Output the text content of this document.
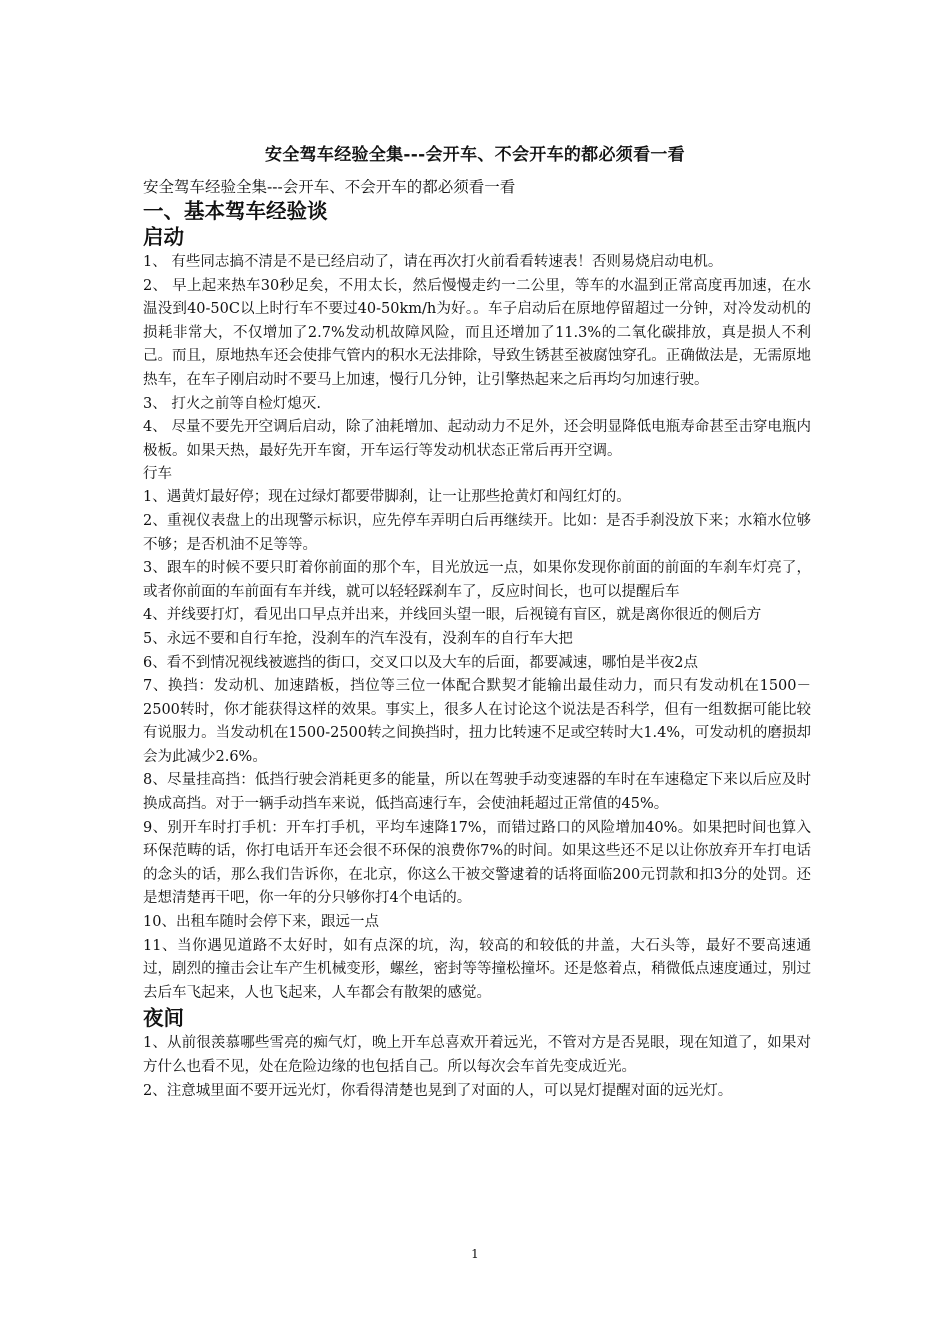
安全驾车经验全集---会开车、不会开车的都必须看一看
安全驾车经验全集---会开车、不会开车的都必须看一看
一、基本驾车经验谈
启动
1、 有些同志搞不清是不是已经启动了，请在再次打火前看看转速表！否则易烧启动电机。
2、 早上起来热车30秒足矣，不用太长，然后慢慢走约一二公里，等车的水温到正常高度再加速，在水温没到40-50C以上时行车不要过40-50km/h为好。。车子启动后在原地停留超过一分钟，对冷发动机的损耗非常大，不仅增加了2.7%发动机故障风险，而且还增加了11.3%的二氧化碳排放，真是损人不利己。而且，原地热车还会使排气管内的积水无法排除，导致生锈甚至被腐蚀穿孔。正确做法是，无需原地热车，在车子刚启动时不要马上加速，慢行几分钟，让引擎热起来之后再均匀加速行驶。
3、 打火之前等自检灯熄灭.
4、 尽量不要先开空调后启动，除了油耗增加、起动动力不足外，还会明显降低电瓶寿命甚至击穿电瓶内极板。如果天热，最好先开车窗，开车运行等发动机状态正常后再开空调。
行车
1、遇黄灯最好停；现在过绿灯都要带脚刹，让一让那些抢黄灯和闯红灯的。
2、重视仪表盘上的出现警示标识，应先停车弄明白后再继续开。比如：是否手刹没放下来；水箱水位够不够；是否机油不足等等。
3、跟车的时候不要只盯着你前面的那个车，目光放远一点，如果你发现你前面的前面的车刹车灯亮了，或者你前面的车前面有车并线，就可以轻轻踩刹车了，反应时间长，也可以提醒后车
4、并线要打灯，看见出口早点并出来，并线回头望一眼，后视镜有盲区，就是离你很近的侧后方
5、永远不要和自行车抢，没刹车的汽车没有，没刹车的自行车大把
6、看不到情况视线被遮挡的街口，交叉口以及大车的后面，都要减速，哪怕是半夜2点
7、换挡：发动机、加速踏板，挡位等三位一体配合默契才能输出最佳动力，而只有发动机在1500－2500转时，你才能获得这样的效果。事实上，很多人在讨论这个说法是否科学，但有一组数据可能比较有说服力。当发动机在1500-2500转之间换挡时，扭力比转速不足或空转时大1.4%，可发动机的磨损却会为此减少2.6%。
8、尽量挂高挡：低挡行驶会消耗更多的能量，所以在驾驶手动变速器的车时在车速稳定下来以后应及时换成高挡。对于一辆手动挡车来说，低挡高速行车，会使油耗超过正常值的45%。
9、别开车时打手机：开车打手机，平均车速降17%，而错过路口的风险增加40%。如果把时间也算入环保范畴的话，你打电话开车还会很不环保的浪费你7%的时间。如果这些还不足以让你放弃开车打电话的念头的话，那么我们告诉你，在北京，你这么干被交警逮着的话将面临200元罚款和扣3分的处罚。还是想清楚再干吧，你一年的分只够你打4个电话的。
10、出租车随时会停下来，跟远一点
11、当你遇见道路不太好时，如有点深的坑，沟，较高的和较低的井盖，大石头等，最好不要高速通过，剧烈的撞击会让车产生机械变形，螺丝，密封等等撞松撞坏。还是悠着点，稍微低点速度通过，别过去后车飞起来，人也飞起来，人车都会有散架的感觉。
夜间
1、从前很羡慕哪些雪亮的痴气灯，晚上开车总喜欢开着远光，不管对方是否晃眼，现在知道了，如果对方什么也看不见，处在危险边缘的也包括自己。所以每次会车首先变成近光。
2、注意城里面不要开远光灯，你看得清楚也晃到了对面的人，可以晃灯提醒对面的远光灯。
1
